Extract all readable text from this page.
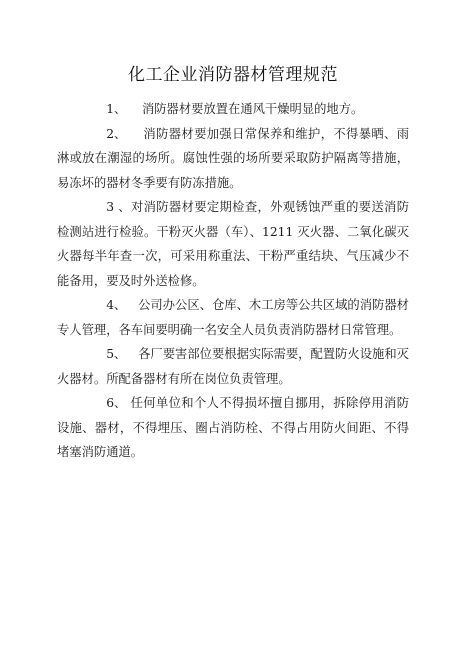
化工企业消防器材管理规范

1、 消防器材要放置在通风干燥明显的地方。

2、 消防器材要加强日常保养和维护，不得暴晒、雨淋或放在潮湿的场所。腐蚀性强的场所要采取防护隔离等措施，易冻坏的器材冬季要有防冻措施。

3 、对消防器材要定期检查，外观锈蚀严重的要送消防检测站进行检验。干粉灭火器（车）、1211 灭火器、二氧化碳灭火器每半年查一次，可采用称重法、干粉严重结块、气压减少不能备用，要及时外送检修。

4、 公司办公区、仓库、木工房等公共区域的消防器材专人管理，各车间要明确一名安全人员负责消防器材日常管理。

5、 各厂要害部位要根据实际需要，配置防火设施和灭火器材。所配备器材有所在岗位负责管理。

6、 任何单位和个人不得损坏擅自挪用，拆除停用消防设施、器材，不得埋压、圈占消防栓、不得占用防火间距、不得堵塞消防通道。
